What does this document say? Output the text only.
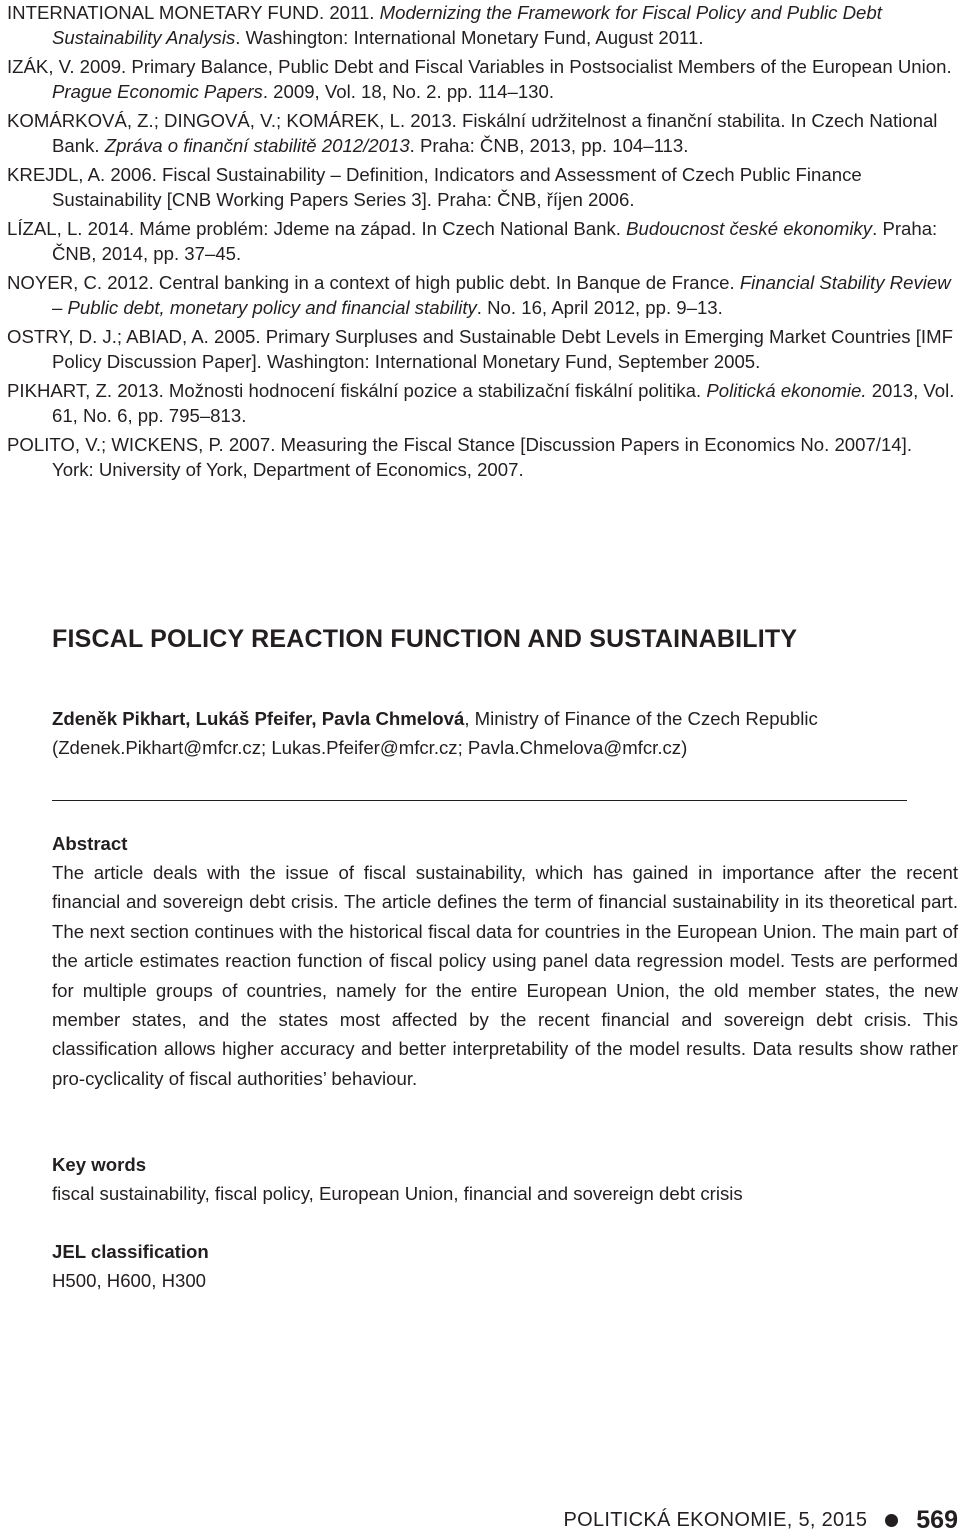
INTERNATIONAL MONETARY FUND. 2011. Modernizing the Framework for Fiscal Policy and Public Debt Sustainability Analysis. Washington: International Monetary Fund, August 2011.
IZÁK, V. 2009. Primary Balance, Public Debt and Fiscal Variables in Postsocialist Members of the European Union. Prague Economic Papers. 2009, Vol. 18, No. 2. pp. 114–130.
KOMÁRKOVÁ, Z.; DINGOVÁ, V.; KOMÁREK, L. 2013. Fiskální udržitelnost a finanční stabilita. In Czech National Bank. Zpráva o finanční stabilitě 2012/2013. Praha: ČNB, 2013, pp. 104–113.
KREJDL, A. 2006. Fiscal Sustainability – Definition, Indicators and Assessment of Czech Public Finance Sustainability [CNB Working Papers Series 3]. Praha: ČNB, říjen 2006.
LÍZAL, L. 2014. Máme problém: Jdeme na západ. In Czech National Bank. Budoucnost české ekonomiky. Praha: ČNB, 2014, pp. 37–45.
NOYER, C. 2012. Central banking in a context of high public debt. In Banque de France. Financial Stability Review – Public debt, monetary policy and financial stability. No. 16, April 2012, pp. 9–13.
OSTRY, D. J.; ABIAD, A. 2005. Primary Surpluses and Sustainable Debt Levels in Emerging Market Countries [IMF Policy Discussion Paper]. Washington: International Monetary Fund, September 2005.
PIKHART, Z. 2013. Možnosti hodnocení fiskální pozice a stabilizační fiskální politika. Politická ekonomie. 2013, Vol. 61, No. 6, pp. 795–813.
POLITO, V.; WICKENS, P. 2007. Measuring the Fiscal Stance [Discussion Papers in Economics No. 2007/14]. York: University of York, Department of Economics, 2007.
FISCAL POLICY REACTION FUNCTION AND SUSTAINABILITY
Zdeněk Pikhart, Lukáš Pfeifer, Pavla Chmelová, Ministry of Finance of the Czech Republic (Zdenek.Pikhart@mfcr.cz; Lukas.Pfeifer@mfcr.cz; Pavla.Chmelova@mfcr.cz)
Abstract

The article deals with the issue of fiscal sustainability, which has gained in importance after the recent financial and sovereign debt crisis. The article defines the term of financial sustainability in its theoretical part. The next section continues with the historical fiscal data for countries in the European Union. The main part of the article estimates reaction function of fiscal policy using panel data regression model. Tests are performed for multiple groups of countries, namely for the entire European Union, the old member states, the new member states, and the states most affected by the recent financial and sovereign debt crisis. This classification allows higher accuracy and better interpretability of the model results. Data results show rather pro-cyclicality of fiscal authorities’ behaviour.

Key words

fiscal sustainability, fiscal policy, European Union, financial and sovereign debt crisis

JEL classification

H500, H600, H300

POLITICKÁ EKONOMIE, 5, 2015 569
